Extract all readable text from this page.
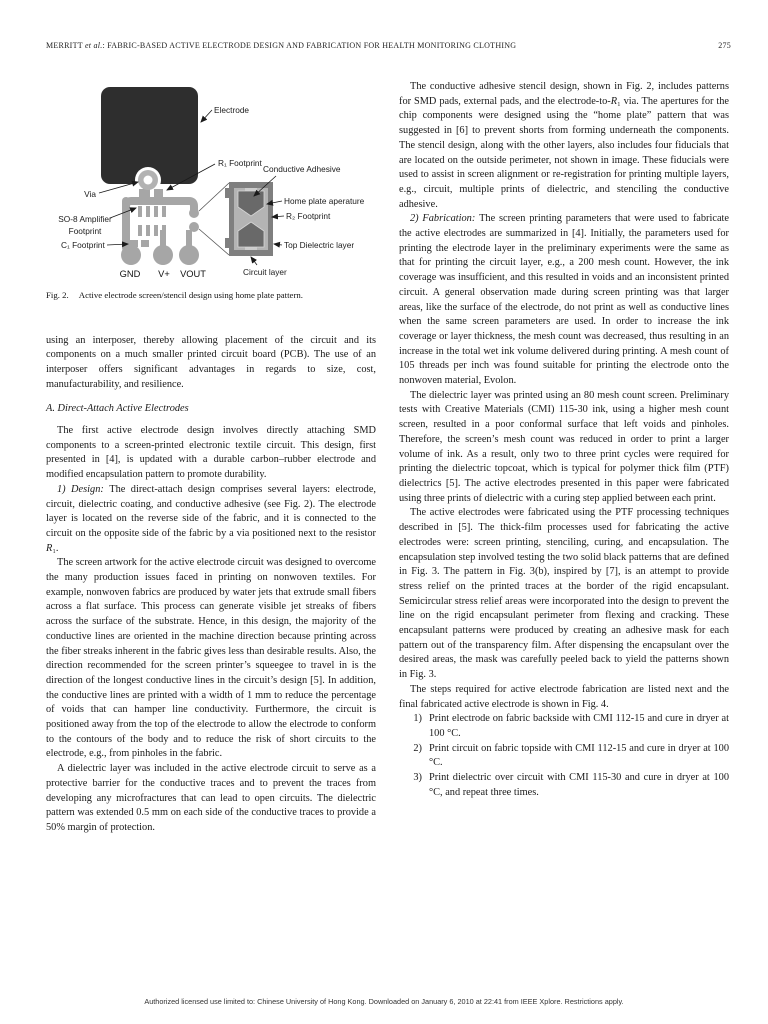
MERRITT et al.: FABRIC-BASED ACTIVE ELECTRODE DESIGN AND FABRICATION FOR HEALTH MONITORING CLOTHING	275
Electrode
R₁ Footprint
Via
SO-8 Amplifier
Footprint
C₁ Footprint
GND V+ VOUT
Conductive Adhesive
Home plate aperature
R₂ Footprint
Top Dielectric layer
Circuit layer
Fig. 2. Active electrode screen/stencil design using home plate pattern.

using an interposer, thereby allowing placement of the circuit and its components on a much smaller printed circuit board (PCB). The use of an interposer offers significant advantages in regards to size, cost, manufacturability, and resilience.

A. Direct-Attach Active Electrodes

The first active electrode design involves directly attaching SMD components to a screen-printed electronic textile circuit. This design, first presented in [4], is updated with a durable carbon–rubber electrode and modified encapsulation pattern to promote durability.

1) Design: The direct-attach design comprises several layers: electrode, circuit, dielectric coating, and conductive adhesive (see Fig. 2). The electrode layer is located on the reverse side of the fabric, and it is connected to the circuit on the opposite side of the fabric by a via positioned next to the resistor R₁.

The screen artwork for the active electrode circuit was designed to overcome the many production issues faced in printing on nonwoven textiles. For example, nonwoven fabrics are produced by water jets that extrude small fibers across a flat surface. This process can generate visible jet streaks of fibers across the surface of the substrate. Hence, in this design, the majority of the conductive lines are oriented in the machine direction because printing across the fiber streaks inherent in the fabric gives less than desirable results. Also, the direction recommended for the screen printer’s squeegee to travel in is the direction of the longest conductive lines in the circuit’s design [5]. In addition, the conductive lines are printed with a width of 1 mm to reduce the percentage of voids that can hamper line conductivity. Furthermore, the circuit is positioned away from the top of the electrode to allow the electrode to conform to the contours of the body and to reduce the risk of short circuits to the electrode, e.g., from pinholes in the fabric.

A dielectric layer was included in the active electrode circuit to serve as a protective barrier for the conductive traces and to prevent the traces from developing any microfractures that can lead to open circuits. The dielectric pattern was extended 0.5 mm on each side of the conductive traces to provide a 50% margin of protection.

The conductive adhesive stencil design, shown in Fig. 2, includes patterns for SMD pads, external pads, and the electrode-to-R₁ via. The apertures for the chip components were designed using the “home plate” pattern that was suggested in [6] to prevent shorts from forming underneath the components. The stencil design, along with the other layers, also includes four fiducials that are located on the outside perimeter, not shown in image. These fiducials were used to assist in screen alignment or re-registration for printing multiple layers, e.g., circuit, multiple prints of dielectric, and stenciling the conductive adhesive.

2) Fabrication: The screen printing parameters that were used to fabricate the active electrodes are summarized in [4]. Initially, the parameters used for printing the electrode layer in the preliminary experiments were the same as that for printing the circuit layer, e.g., a 200 mesh count. However, the ink coverage was insufficient, and this resulted in voids and an inconsistent printed circuit. A general observation made during screen printing was that larger areas, like the surface of the electrode, do not print as well as conductive lines when the same screen parameters are used. In order to increase the ink coverage or layer thickness, the mesh count was decreased, thus resulting in an increase in the total wet ink volume delivered during printing. A mesh count of 105 threads per inch was found suitable for printing the electrode onto the nonwoven material, Evolon.

The dielectric layer was printed using an 80 mesh count screen. Preliminary tests with Creative Materials (CMI) 115-30 ink, using a higher mesh count screen, resulted in a poor conformal surface that left voids and pinholes. Therefore, the screen’s mesh count was reduced in order to print a larger volume of ink. As a result, only two to three print cycles were required for printing the dielectric topcoat, which is typical for polymer thick film (PTF) dielectrics [5]. The active electrodes presented in this paper were fabricated using three prints of dielectric with a curing step applied between each print.

The active electrodes were fabricated using the PTF processing techniques described in [5]. The thick-film processes used for fabricating the active electrodes were: screen printing, stenciling, curing, and encapsulation. The encapsulation step involved testing the two solid black patterns that are defined in Fig. 3. The pattern in Fig. 3(b), inspired by [7], is an attempt to provide stress relief on the printed traces at the border of the rigid encapsulant. Semicircular stress relief areas were incorporated into the design to prevent the line on the rigid encapsulant perimeter from flexing and cracking. These encapsulant patterns were produced by creating an adhesive mask for each pattern out of the transparency film. After dispensing the encapsulant over the desired areas, the mask was carefully peeled back to yield the patterns shown in Fig. 3.

The steps required for active electrode fabrication are listed next and the final fabricated active electrode is shown in Fig. 4.

1) Print electrode on fabric backside with CMI 112-15 and cure in dryer at 100 °C.
2) Print circuit on fabric topside with CMI 112-15 and cure in dryer at 100 °C.
3) Print dielectric over circuit with CMI 115-30 and cure in dryer at 100 °C, and repeat three times.
Authorized licensed use limited to: Chinese University of Hong Kong. Downloaded on January 6, 2010 at 22:41 from IEEE Xplore. Restrictions apply.
